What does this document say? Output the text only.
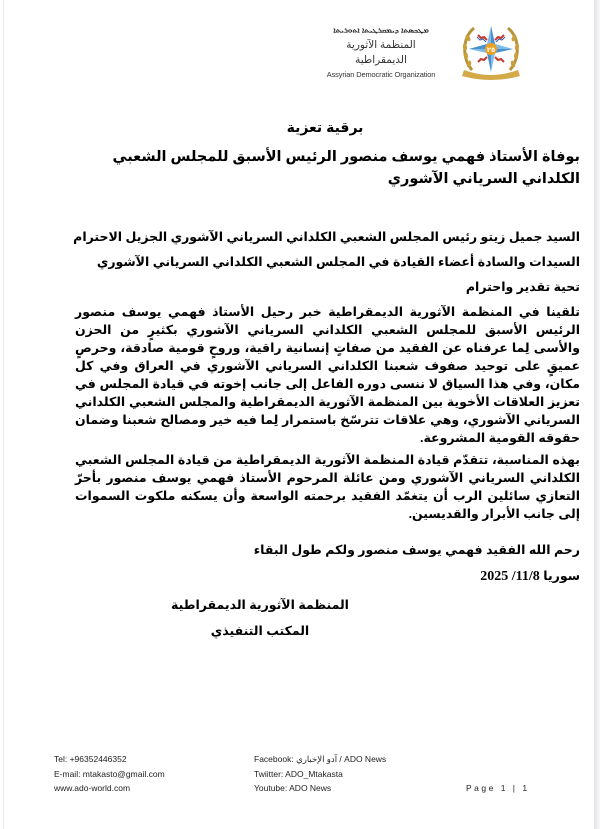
ܡܛܟܣܬܐ ܕܝܡܩܪܛܝܬܐ ܐܬܘܪܝܬܐ
المنظمة الآثورية الديمقراطية
Assyrian Democratic Organization
٢٥
برقية تعزية
بوفاة الأستاذ فهمي يوسف منصور الرئيس الأسبق للمجلس الشعبي الكلداني السرياني الآشوري
السيد جميل زيتو رئيس المجلس الشعبي الكلداني السرياني الآشوري الجزيل الاحترام
السيدات والسادة أعضاء القيادة في المجلس الشعبي الكلداني السرياني الآشوري
تحية تقدير واحترام
تلقينا في المنظمة الآثورية الديمقراطية خبر رحيل الأستاذ فهمي يوسف منصور الرئيس الأسبق للمجلس الشعبي الكلداني السرياني الآشوري بكثيرٍ من الحزن والأسى لِما عرفناه عن الفقيد من صفاتٍ إنسانية راقية، وروحٍ قومية صادقة، وحرصٍ عميقٍ على توحيد صفوف شعبنا الكلداني السرياني الآشوري في العراق وفي كل مكان، وفي هذا السياق لا ننسى دوره الفاعل إلى جانب إخوته في قيادة المجلس في تعزيز العلاقات الأخوية بين المنظمة الآثورية الديمقراطية والمجلس الشعبي الكلداني السرياني الآشوري، وهي علاقات تترسّخ باستمرار لِما فيه خير ومصالح شعبنا وضمان حقوقه القومية المشروعة.
بهذه المناسبة، تتقدّم قيادة المنظمة الآثورية الديمقراطية من قيادة المجلس الشعبي الكلداني السرياني الآشوري ومن عائلة المرحوم الأستاذ فهمي يوسف منصور بأحرّ التعازي سائلين الرب أن يتغمّد الفقيد برحمته الواسعة وأن يسكنه ملكوت السموات إلى جانب الأبرار والقديسين.
رحم الله الفقيد فهمي يوسف منصور ولكم طول البقاء
سوريا 2025 /11/8
المنظمة الآثورية الديمقراطية
المكتب التنفيذي
Tel: +96352446352
E-mail: mtakasto@gmail.com
www.ado-world.com
Facebook: آدو الإخباري / ADO News
Twiitter: ADO_Mtakasta
Youtube: ADO News	Page 1 | 1
